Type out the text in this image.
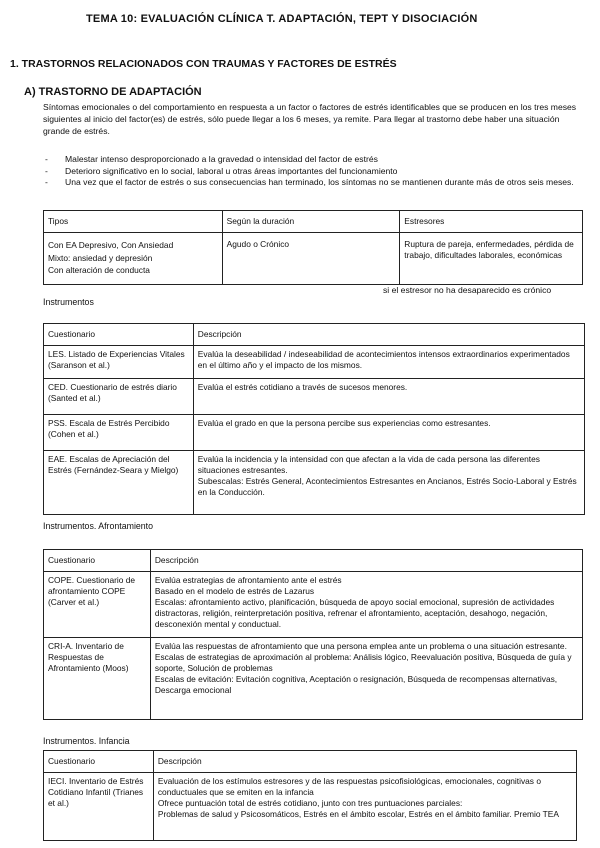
TEMA 10: EVALUACIÓN CLÍNICA T. ADAPTACIÓN, TEPT Y DISOCIACIÓN
1. TRASTORNOS RELACIONADOS CON TRAUMAS Y FACTORES DE ESTRÉS
A) TRASTORNO DE ADAPTACIÓN
Síntomas emocionales o del comportamiento en respuesta a un factor o factores de estrés identificables que se producen en los tres meses siguientes al inicio del factor(es) de estrés, sólo puede llegar a los 6 meses, ya remite. Para llegar al trastorno debe haber una situación grande de estrés.
- Malestar intenso desproporcionado a la gravedad o intensidad del factor de estrés
- Deterioro significativo en lo social, laboral u otras áreas importantes del funcionamiento
- Una vez que el factor de estrés o sus consecuencias han terminado, los síntomas no se mantienen durante más de otros seis meses.
Tipos	Según la duración	Estresores

Con EA Depresivo, Con Ansiedad
Mixto: ansiedad y depresión
Con alteración de conducta	Agudo o Crónico	Ruptura de pareja, enfermedades, pérdida de trabajo, dificultades laborales, económicas
si el estresor no ha desaparecido es crónico
Instrumentos
Cuestionario	Descripción
LES. Listado de Experiencias Vitales (Saranson et al.)	Evalúa la deseabilidad / indeseabilidad de acontecimientos intensos extraordinarios experimentados en el último año y el impacto de los mismos.
CED. Cuestionario de estrés diario (Santed et al.)	Evalúa el estrés cotidiano a través de sucesos menores.
PSS. Escala de Estrés Percibido (Cohen et al.)	Evalúa el grado en que la persona percibe sus experiencias como estresantes.
EAE. Escalas de Apreciación del Estrés (Fernández-Seara y Mielgo)	Evalúa la incidencia y la intensidad con que afectan a la vida de cada persona las diferentes situaciones estresantes.
Subescalas: Estrés General, Acontecimientos Estresantes en Ancianos, Estrés Socio-Laboral y Estrés en la Conducción.
Instrumentos. Afrontamiento
Cuestionario	Descripción
COPE. Cuestionario de afrontamiento COPE (Carver et al.)	Evalúa estrategias de afrontamiento ante el estrés
Basado en el modelo de estrés de Lazarus
Escalas: afrontamiento activo, planificación, búsqueda de apoyo social emocional, supresión de actividades distractoras, religión, reinterpretación positiva, refrenar el afrontamiento, aceptación, desahogo, negación, desconexión mental y conductual.

CRI-A. Inventario de Respuestas de Afrontamiento (Moos)	Evalúa las respuestas de afrontamiento que una persona emplea ante un problema o una situación estresante.
Escalas de estrategias de aproximación al problema: Análisis lógico, Reevaluación positiva, Búsqueda de guía y soporte, Solución de problemas
Escalas de evitación: Evitación cognitiva, Aceptación o resignación, Búsqueda de recompensas alternativas, Descarga emocional
Instrumentos. Infancia
Cuestionario	Descripción
IECI. Inventario de Estrés Cotidiano Infantil (Trianes et al.)	Evaluación de los estímulos estresores y de las respuestas psicofisiológicas, emocionales, cognitivas o conductuales que se emiten en la infancia
Ofrece puntuación total de estrés cotidiano, junto con tres puntuaciones parciales:
Problemas de salud y Psicosomáticos, Estrés en el ámbito escolar, Estrés en el ámbito familiar. Premio TEA
